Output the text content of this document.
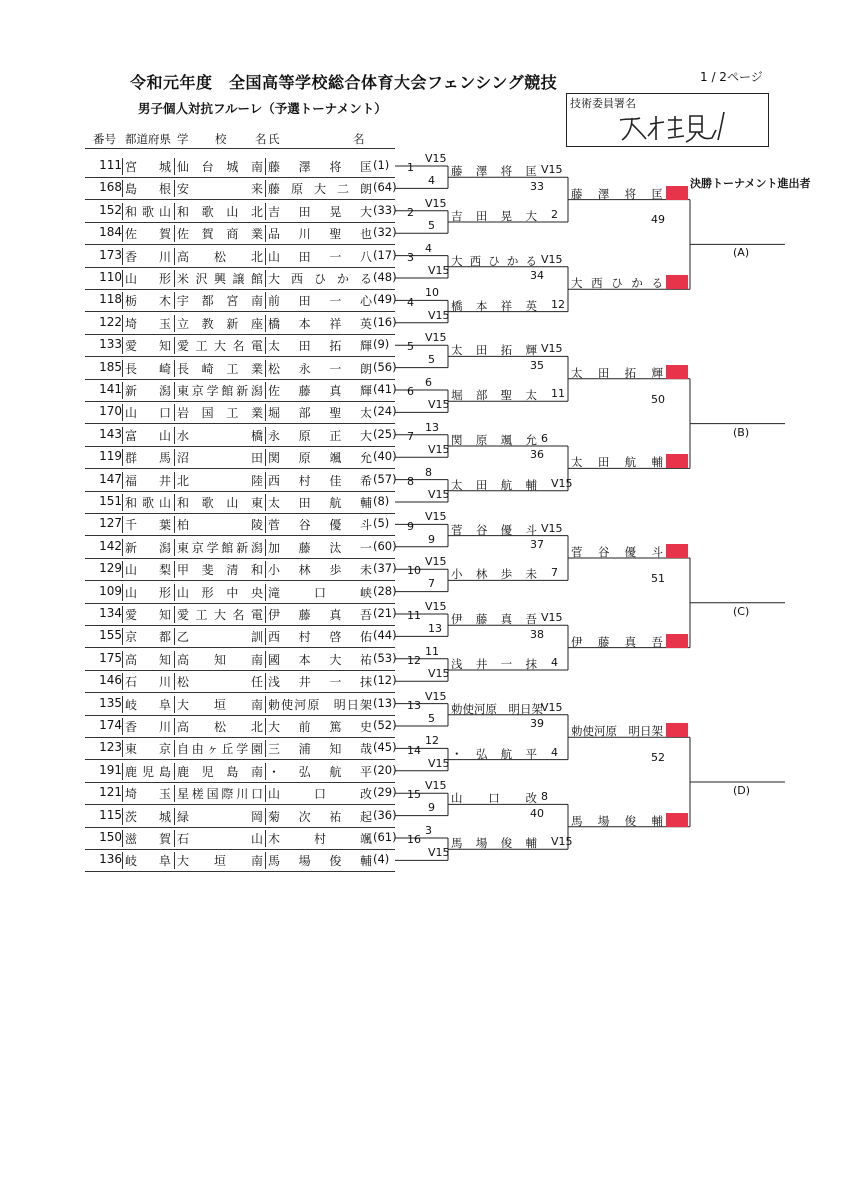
令和元年度　全国高等学校総合体育大会フェンシング競技
男子個人対抗フルーレ（予選トーナメント）
1 / 2ページ
技術委員署名
番号 都道府県 学 校 名 氏	名
決勝トーナメント進出者
111 宮城 仙台城南 藤澤将匡 (1)
168 島根 安来 藤原大二朗 (64)
152 和歌山 和歌山北 吉田晃大 (33)
184 佐賀 佐賀商業 品川聖也 (32)
173 香川 高松北 山田一八 (17)
110 山形 米沢興譲館 大西ひかる (48)
118 栃木 宇都宮南 前田一心 (49)
122 埼玉 立教新座 橋本祥英 (16)
133 愛知 愛工大名電 太田拓輝 (9)
185 長崎 長崎工業 松永一朗 (56)
141 新潟 東京学館新潟 佐藤真輝 (41)
170 山口 岩国工業 堀部聖太 (24)
143 富山 水橋 永原正大 (25)
119 群馬 沼田 関原颯允 (40)
147 福井 北陸 西村佳希 (57)
151 和歌山 和歌山東 太田航輔 (8)
127 千葉 柏陵 菅谷優斗 (5)
142 新潟 東京学館新潟 加藤汰一 (60)
129 山梨 甲斐清和 小林歩未 (37)
109 山形 山形中央 滝口峡 (28)
134 愛知 愛工大名電 伊藤真吾 (21)
155 京都 乙訓 西村啓佑 (44)
175 高知 高知南 國本大祐 (53)
146 石川 松任 浅井一抹 (12)
135 岐阜 大垣南 勅使河原　明日架 (13)
174 香川 高松北 大前篤史 (52)
123 東京 自由ヶ丘学園 三浦知哉 (45)
191 鹿児島 鹿児島南 ・弘航平 (20)
121 埼玉 星槎国際川口 山口改 (29)
115 茨城 緑岡 菊次祐起 (36)
150 滋賀 石山 木村颯 (61)
136 岐阜 大垣南 馬場俊輔 (4)
1
V15
4
2
V15
5
3
4
V15
4
10
V15
5
V15
5
6
6
V15
7
13
V15
8
8
V15
9
V15
9
10
V15
7
11
V15
13
12
11
V15
13
V15
5
14
12
V15
15
V15
9
16
3
V15
藤澤将匡 V15
吉田晃大 2
33
大西ひかる V15
橋本祥英 12
34
太田拓輝 V15
堀部聖太 11
35
関原颯允 6
太田航輔 V15
36
菅谷優斗 V15
小林歩未 7
37
伊藤真吾 V15
浅井一抹 4
38
勅使河原　明日架
V15
・弘航平 4
39
山口改 8
馬場俊輔 V15
40
藤澤将匡
大西ひかる
49
(A)
太田拓輝
太田航輔
50
(B)
菅谷優斗
伊藤真吾
51
(C)
勅使河原　明日架
馬場俊輔
52
(D)
